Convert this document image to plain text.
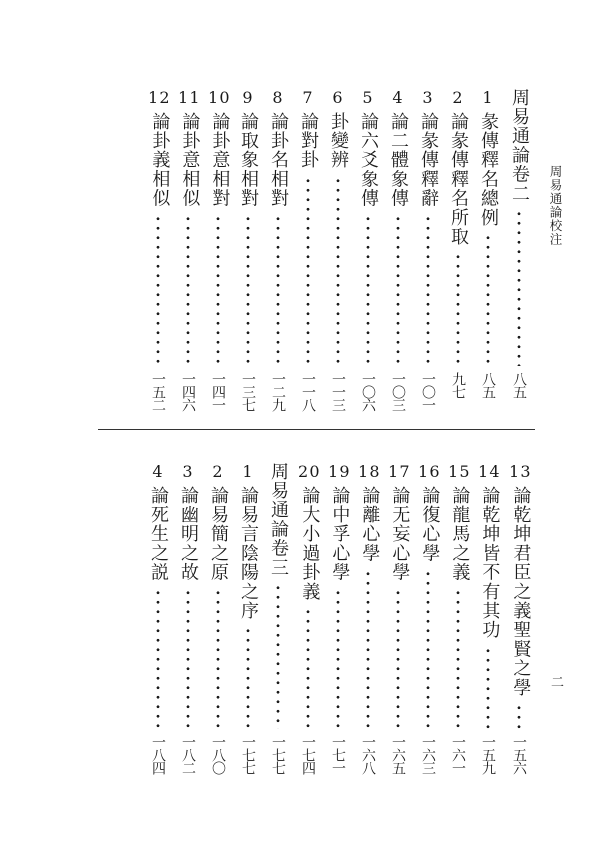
周易通論校注
二
周易通論卷二
八五
1彖傳釋名總例
八五
2論彖傳釋名所取
九七
3論彖傳釋辭
一〇一
4論二體象傳
一〇三
5論六爻象傳
一〇六
6卦變辨
一一三
7論對卦
一一八
8論卦名相對
一二九
9論取象相對
一三七
10論卦意相對
一四一
11論卦意相似
一四六
12論卦義相似
一五二
13論乾坤君臣之義聖賢之學
一五六
14論乾坤皆不有其功
一五九
15論龍馬之義
一六一
16論復心學
一六三
17論无妄心學
一六五
18論離心學
一六八
19論中孚心學
一七一
20論大小過卦義
一七四
周易通論卷三
一七七
1論易言陰陽之序
一七七
2論易簡之原
一八〇
3論幽明之故
一八二
4論死生之説
一八四
